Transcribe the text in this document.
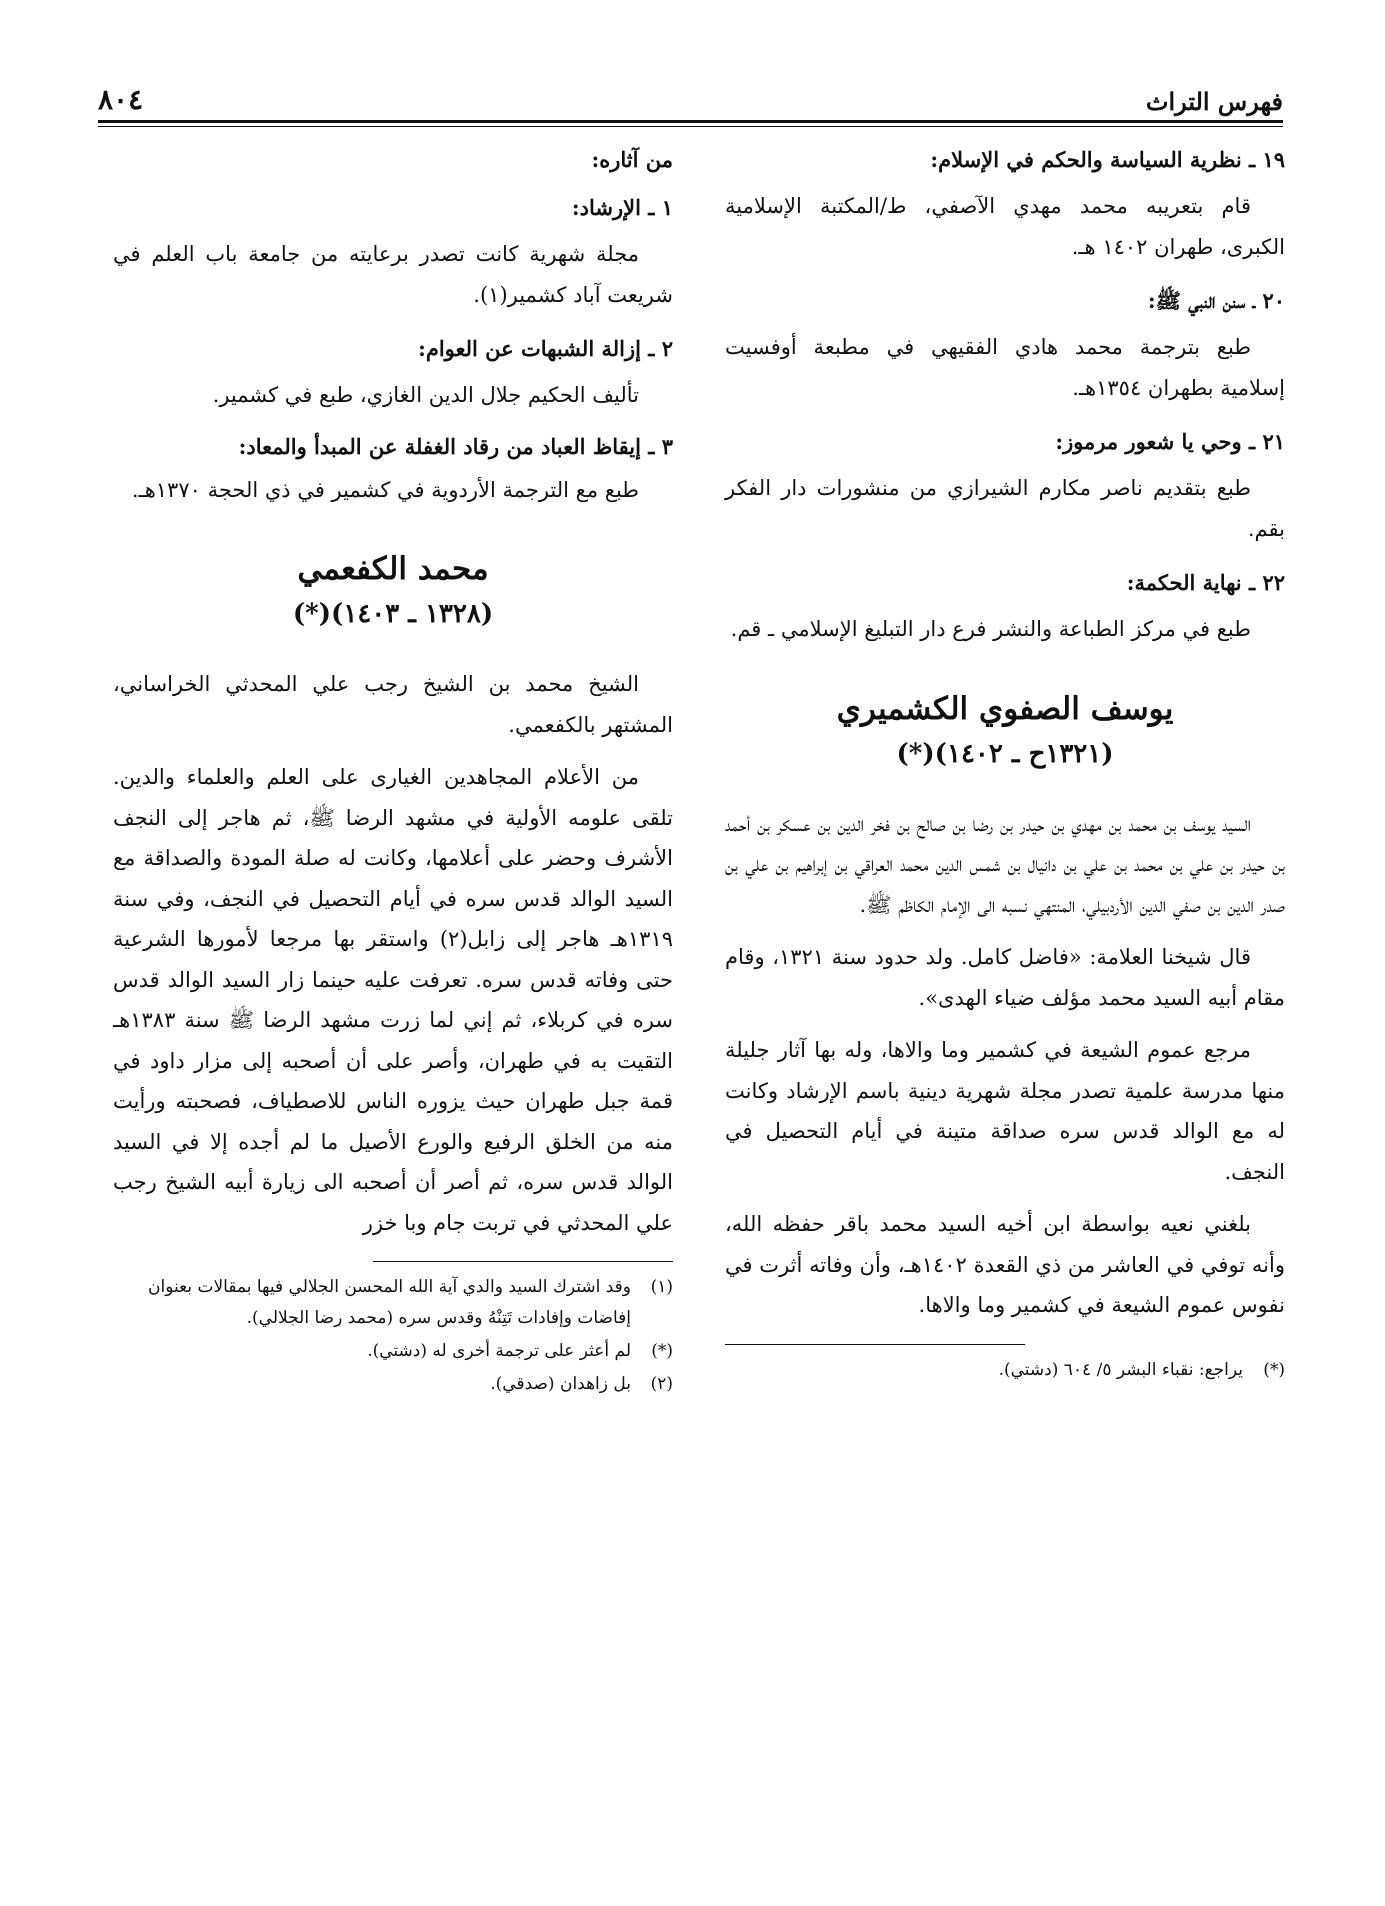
٨٠٤	فهرس التراث
١٩ ـ نظرية السياسة والحكم في الإسلام:
قام بتعريبه محمد مهدي الآصفي، ط/المكتبة الإسلامية الكبرى، طهران ١٤٠٢ هـ.
٢٠ ـ سنن النبي ﷺ:
طبع بترجمة محمد هادي الفقيهي في مطبعة أوفسيت إسلامية بطهران ١٣٥٤هـ.
٢١ ـ وحي يا شعور مرموز:
طبع بتقديم ناصر مكارم الشيرازي من منشورات دار الفكر بقم.
٢٢ ـ نهاية الحكمة:
طبع في مركز الطباعة والنشر فرع دار التبليغ الإسلامي ـ قم.
يوسف الصفوي الكشميري
(١٣٢١ح ـ ١٤٠٢)(*)
السيد يوسف بن محمد بن مهدي بن حيدر بن رضا بن صالح بن فخر الدين بن عسكر بن أحمد بن حيدر بن علي بن محمد بن علي بن دانيال بن شمس الدين محمد العراقي بن إبراهيم بن علي بن صدر الدين بن صفي الدين الأردبيلي، المنتهي نسبه الى الإمام الكاظم ﷺ.
قال شيخنا العلامة: «فاضل كامل. ولد حدود سنة ١٣٢١، وقام مقام أبيه السيد محمد مؤلف ضياء الهدى».
مرجع عموم الشيعة في كشمير وما والاها، وله بها آثار جليلة منها مدرسة علمية تصدر مجلة شهرية دينية باسم الإرشاد وكانت له مع الوالد قدس سره صداقة متينة في أيام التحصيل في النجف.
بلغني نعيه بواسطة ابن أخيه السيد محمد باقر حفظه الله، وأنه توفي في العاشر من ذي القعدة ١٤٠٢هـ، وأن وفاته أثرت في نفوس عموم الشيعة في كشمير وما والاها.
(*)
يراجع: نقباء البشر ٥/ ٦٠٤ (دشتي).
من آثاره:
١ ـ الإرشاد:
مجلة شهرية كانت تصدر برعايته من جامعة باب العلم في شريعت آباد كشمير(١).
٢ ـ إزالة الشبهات عن العوام:
تأليف الحكيم جلال الدين الغازي، طبع في كشمير.
٣ ـ إيقاظ العباد من رقاد الغفلة عن المبدأ والمعاد:
طبع مع الترجمة الأردوية في كشمير في ذي الحجة ١٣٧٠هـ.
محمد الكفعمي
(١٣٢٨ ـ ١٤٠٣)(*)
الشيخ محمد بن الشيخ رجب علي المحدثي الخراساني، المشتهر بالكفعمي.
من الأعلام المجاهدين الغيارى على العلم والعلماء والدين. تلقى علومه الأولية في مشهد الرضا ﷺ، ثم هاجر إلى النجف الأشرف وحضر على أعلامها، وكانت له صلة المودة والصداقة مع السيد الوالد قدس سره في أيام التحصيل في النجف، وفي سنة ١٣١٩هـ هاجر إلى زابل(٢) واستقر بها مرجعا لأمورها الشرعية حتى وفاته قدس سره. تعرفت عليه حينما زار السيد الوالد قدس سره في كربلاء، ثم إني لما زرت مشهد الرضا ﷺ سنة ١٣٨٣هـ التقيت به في طهران، وأصر على أن أصحبه إلى مزار داود في قمة جبل طهران حيث يزوره الناس للاصطياف، فصحبته ورأيت منه من الخلق الرفيع والورع الأصيل ما لم أجده إلا في السيد الوالد قدس سره، ثم أصر أن أصحبه الى زيارة أبيه الشيخ رجب علي المحدثي في تربت جام وبا خزر
(١)
وقد اشترك السيد والدي آية الله المحسن الجلالي فيها بمقالات بعنوان إفاضات وإفادات تَتِنْهُ وقدس سره (محمد رضا الجلالي).
(*)
لم أعثر على ترجمة أخرى له (دشتي).
(٢)
بل زاهدان (صدقي).
